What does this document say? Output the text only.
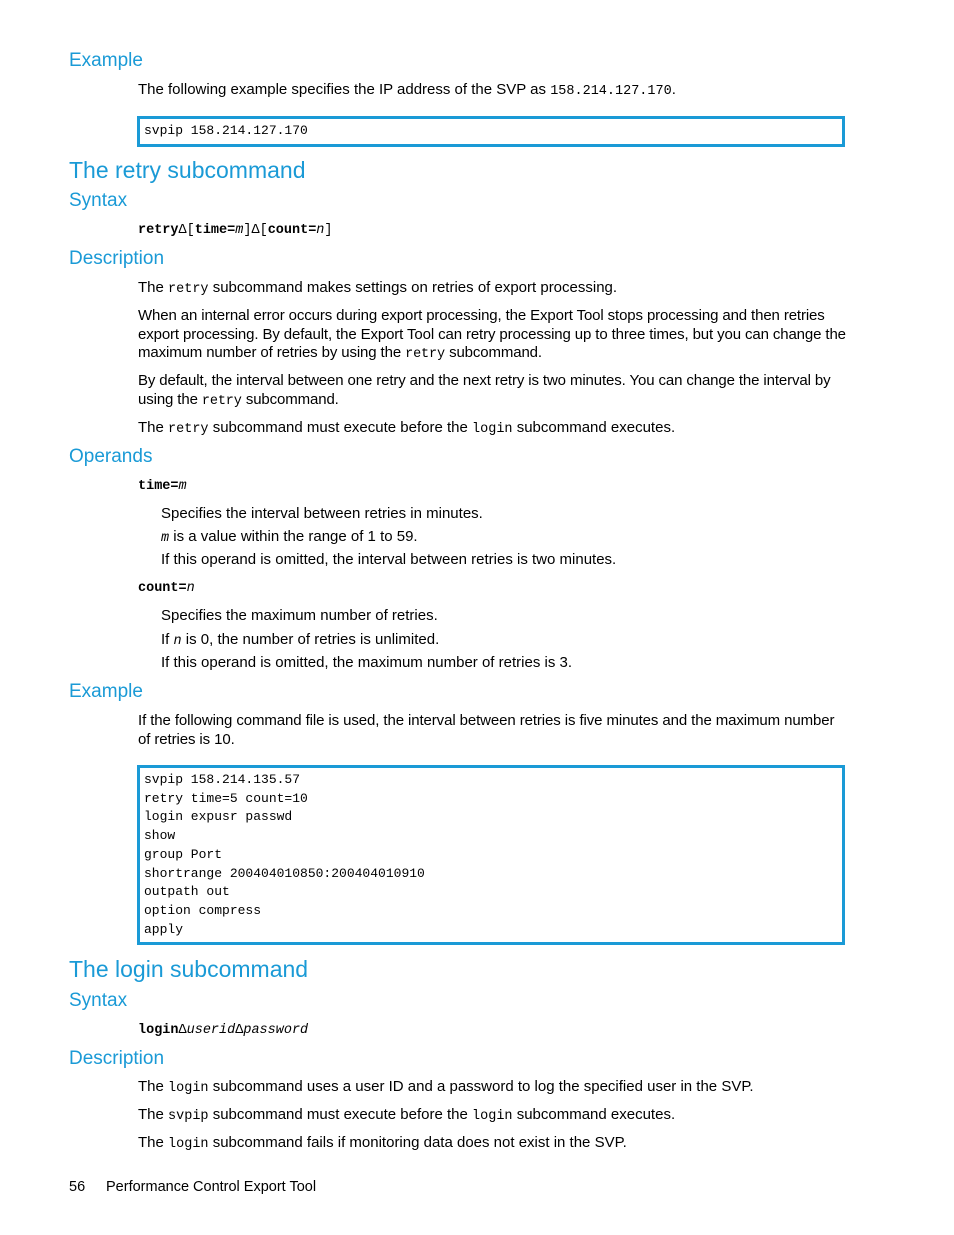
Example
The following example specifies the IP address of the SVP as 158.214.127.170.
svpip 158.214.127.170
The retry subcommand
Syntax
retryΔ[time=m]Δ[count=n]
Description
The retry subcommand makes settings on retries of export processing.
When an internal error occurs during export processing, the Export Tool stops processing and then retries export processing. By default, the Export Tool can retry processing up to three times, but you can change the maximum number of retries by using the retry subcommand.
By default, the interval between one retry and the next retry is two minutes. You can change the interval by using the retry subcommand.
The retry subcommand must execute before the login subcommand executes.
Operands
time=m
Specifies the interval between retries in minutes.
m is a value within the range of 1 to 59.
If this operand is omitted, the interval between retries is two minutes.
count=n
Specifies the maximum number of retries.
If n is 0, the number of retries is unlimited.
If this operand is omitted, the maximum number of retries is 3.
Example
If the following command file is used, the interval between retries is five minutes and the maximum number of retries is 10.
svpip 158.214.135.57
retry time=5 count=10
login expusr passwd
show
group Port
shortrange 200404010850:200404010910
outpath out
option compress
apply
The login subcommand
Syntax
loginΔuseridΔpassword
Description
The login subcommand uses a user ID and a password to log the specified user in the SVP.
The svpip subcommand must execute before the login subcommand executes.
The login subcommand fails if monitoring data does not exist in the SVP.
56 Performance Control Export Tool
